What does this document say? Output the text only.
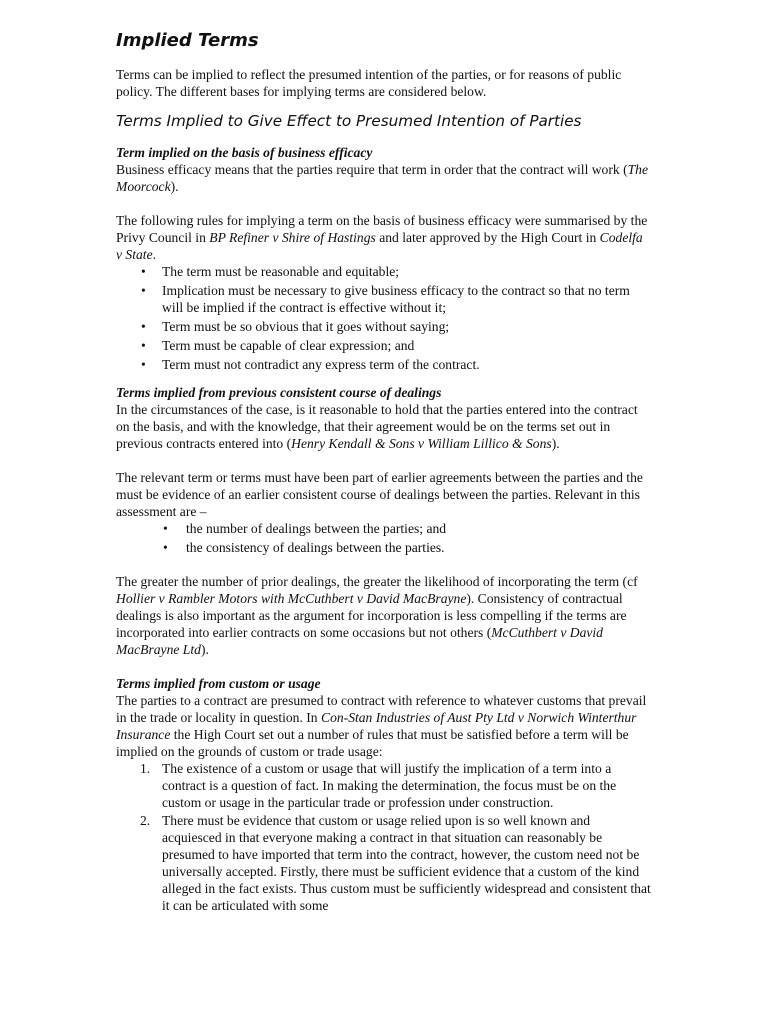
Implied Terms

Terms can be implied to reflect the presumed intention of the parties, or for reasons of public policy. The different bases for implying terms are considered below.

Terms Implied to Give Effect to Presumed Intention of Parties

Term implied on the basis of business efficacy

Business efficacy means that the parties require that term in order that the contract will work (The Moorcock).

The following rules for implying a term on the basis of business efficacy were summarised by the Privy Council in BP Refiner v Shire of Hastings and later approved by the High Court in Codelfa v State.

• The term must be reasonable and equitable;
• Implication must be necessary to give business efficacy to the contract so that no term will be implied if the contract is effective without it;
• Term must be so obvious that it goes without saying;
• Term must be capable of clear expression; and
• Term must not contradict any express term of the contract.

Terms implied from previous consistent course of dealings

In the circumstances of the case, is it reasonable to hold that the parties entered into the contract on the basis, and with the knowledge, that their agreement would be on the terms set out in previous contracts entered into (Henry Kendall & Sons v William Lillico & Sons).

The relevant term or terms must have been part of earlier agreements between the parties and the must be evidence of an earlier consistent course of dealings between the parties. Relevant in this assessment are –

• the number of dealings between the parties; and
• the consistency of dealings between the parties.

The greater the number of prior dealings, the greater the likelihood of incorporating the term (cf Hollier v Rambler Motors with McCuthbert v David MacBrayne). Consistency of contractual dealings is also important as the argument for incorporation is less compelling if the terms are incorporated into earlier contracts on some occasions but not others (McCuthbert v David MacBrayne Ltd).

Terms implied from custom or usage

The parties to a contract are presumed to contract with reference to whatever customs that prevail in the trade or locality in question. In Con-Stan Industries of Aust Pty Ltd v Norwich Winterthur Insurance the High Court set out a number of rules that must be satisfied before a term will be implied on the grounds of custom or trade usage:

1. The existence of a custom or usage that will justify the implication of a term into a contract is a question of fact. In making the determination, the focus must be on the custom or usage in the particular trade or profession under construction.
2. There must be evidence that custom or usage relied upon is so well known and acquiesced in that everyone making a contract in that situation can reasonably be presumed to have imported that term into the contract, however, the custom need not be universally accepted. Firstly, there must be sufficient evidence that a custom of the kind alleged in the fact exists. Thus custom must be sufficiently widespread and consistent that it can be articulated with some
